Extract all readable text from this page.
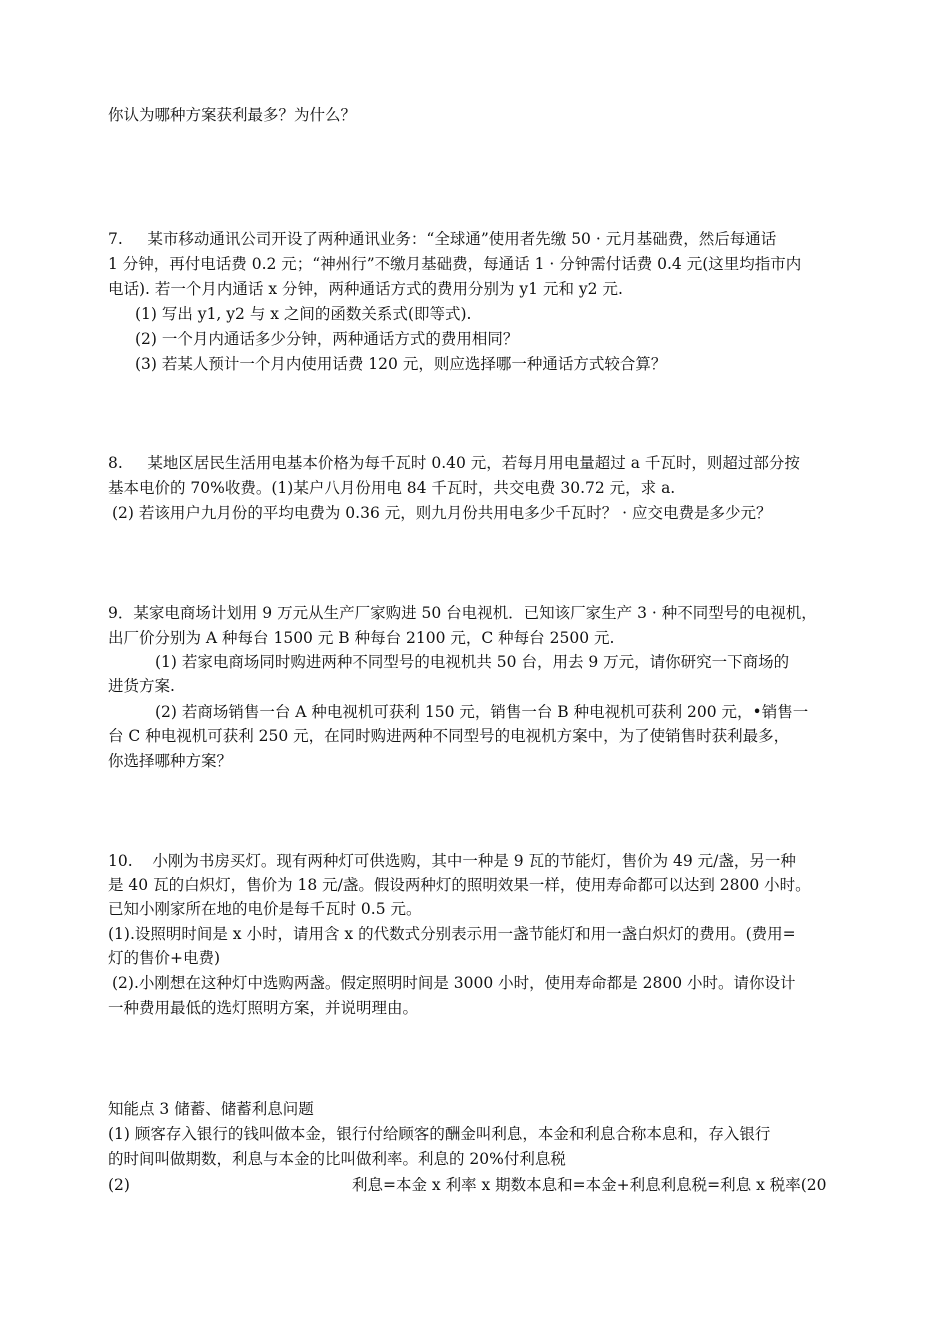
你认为哪种方案获利最多？为什么？
7.     某市移动通讯公司开设了两种通讯业务：“全球通”使用者先缴 50 · 元月基础费，然后每通话
1 分钟，再付电话费 0.2 元；“神州行”不缴月基础费，每通话 1 · 分钟需付话费 0.4 元(这里均指市内
电话). 若一个月内通话 x 分钟，两种通话方式的费用分别为 y1 元和 y2 元.
(1) 写出 y1, y2 与 x 之间的函数关系式(即等式).
(2) 一个月内通话多少分钟，两种通话方式的费用相同？
(3) 若某人预计一个月内使用话费 120 元，则应选择哪一种通话方式较合算？
8.     某地区居民生活用电基本价格为每千瓦时 0.40 元，若每月用电量超过 a 千瓦时，则超过部分按
基本电价的 70%收费。(1)某户八月份用电 84 千瓦时，共交电费 30.72 元，求 a.
(2) 若该用户九月份的平均电费为 0.36 元，则九月份共用电多少千瓦时？ · 应交电费是多少元？
9．某家电商场计划用 9 万元从生产厂家购进 50 台电视机．已知该厂家生产 3 · 种不同型号的电视机，
出厂价分别为 A 种每台 1500 元 B 种每台 2100 元，C 种每台 2500 元.
(1) 若家电商场同时购进两种不同型号的电视机共 50 台，用去 9 万元，请你研究一下商场的
进货方案.
(2) 若商场销售一台 A 种电视机可获利 150 元，销售一台 B 种电视机可获利 200 元，•销售一
台 C 种电视机可获利 250 元，在同时购进两种不同型号的电视机方案中，为了使销售时获利最多，
你选择哪种方案？
10.    小刚为书房买灯。现有两种灯可供选购，其中一种是 9 瓦的节能灯，售价为 49 元/盏，另一种
是 40 瓦的白炽灯，售价为 18 元/盏。假设两种灯的照明效果一样，使用寿命都可以达到 2800 小时。
已知小刚家所在地的电价是每千瓦时 0.5 元。
(1).设照明时间是 x 小时，请用含 x 的代数式分别表示用一盏节能灯和用一盏白炽灯的费用。(费用=
灯的售价+电费)
(2).小刚想在这种灯中选购两盏。假定照明时间是 3000 小时，使用寿命都是 2800 小时。请你设计
一种费用最低的选灯照明方案，并说明理由。
知能点 3 储蓄、储蓄利息问题
(1) 顾客存入银行的钱叫做本金，银行付给顾客的酬金叫利息，本金和利息合称本息和，存入银行
的时间叫做期数，利息与本金的比叫做利率。利息的 20%付利息税
(2)	利息=本金 x 利率 x 期数本息和=本金+利息利息税=利息 x 税率(20
